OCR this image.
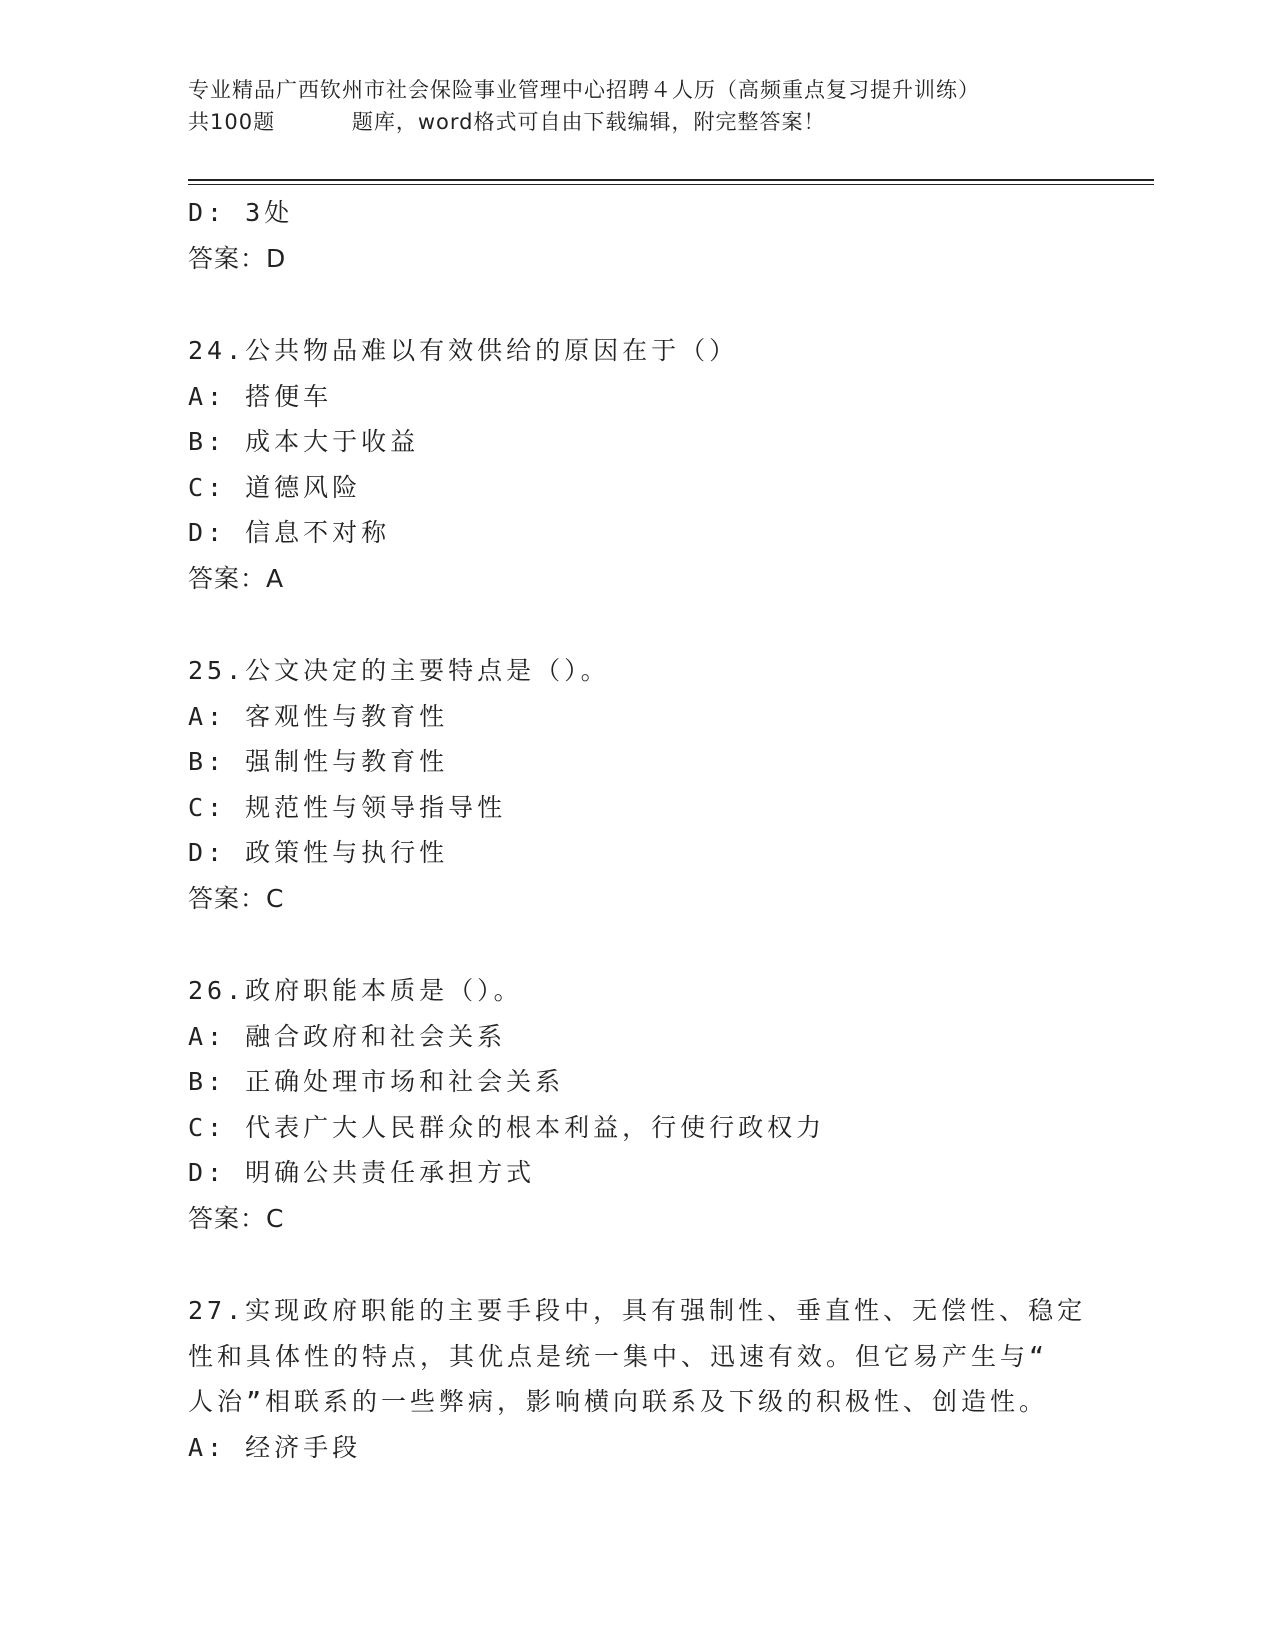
专业精品广西钦州市社会保险事业管理中心招聘４人历（高频重点复习提升训练）
共100题          题库，word格式可自由下载编辑，附完整答案！
D: 3处
答案：D
24.公共物品难以有效供给的原因在于（）
A: 搭便车
B: 成本大于收益
C: 道德风险
D: 信息不对称
答案：A
25.公文决定的主要特点是（）。
A: 客观性与教育性
B: 强制性与教育性
C: 规范性与领导指导性
D: 政策性与执行性
答案：C
26.政府职能本质是（）。
A: 融合政府和社会关系
B: 正确处理市场和社会关系
C: 代表广大人民群众的根本利益，行使行政权力
D: 明确公共责任承担方式
答案：C
27.实现政府职能的主要手段中，具有强制性、垂直性、无偿性、稳定
性和具体性的特点，其优点是统一集中、迅速有效。但它易产生与“
人治”相联系的一些弊病，影响横向联系及下级的积极性、创造性。
A: 经济手段
